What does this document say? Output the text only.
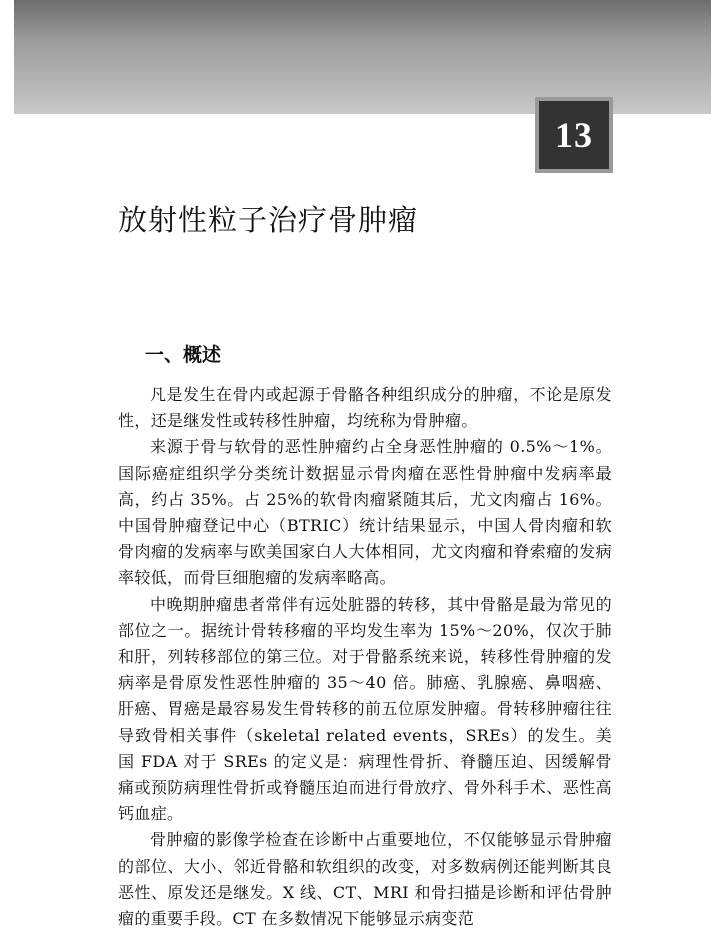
13
放射性粒子治疗骨肿瘤
一、概述

凡是发生在骨内或起源于骨骼各种组织成分的肿瘤，不论是原发性，还是继发性或转移性肿瘤，均统称为骨肿瘤。

来源于骨与软骨的恶性肿瘤约占全身恶性肿瘤的 0.5%～1%。国际癌症组织学分类统计数据显示骨肉瘤在恶性骨肿瘤中发病率最高，约占 35%。占 25%的软骨肉瘤紧随其后，尤文肉瘤占 16%。中国骨肿瘤登记中心（BTRIC）统计结果显示，中国人骨肉瘤和软骨肉瘤的发病率与欧美国家白人大体相同，尤文肉瘤和脊索瘤的发病率较低，而骨巨细胞瘤的发病率略高。

中晚期肿瘤患者常伴有远处脏器的转移，其中骨骼是最为常见的部位之一。据统计骨转移瘤的平均发生率为 15%～20%，仅次于肺和肝，列转移部位的第三位。对于骨骼系统来说，转移性骨肿瘤的发病率是骨原发性恶性肿瘤的 35～40 倍。肺癌、乳腺癌、鼻咽癌、肝癌、胃癌是最容易发生骨转移的前五位原发肿瘤。骨转移肿瘤往往导致骨相关事件（skeletal related events，SREs）的发生。美国 FDA 对于 SREs 的定义是：病理性骨折、脊髓压迫、因缓解骨痛或预防病理性骨折或脊髓压迫而进行骨放疗、骨外科手术、恶性高钙血症。

骨肿瘤的影像学检查在诊断中占重要地位，不仅能够显示骨肿瘤的部位、大小、邻近骨骼和软组织的改变，对多数病例还能判断其良恶性、原发还是继发。X 线、CT、MRI 和骨扫描是诊断和评估骨肿瘤的重要手段。CT 在多数情况下能够显示病变范
